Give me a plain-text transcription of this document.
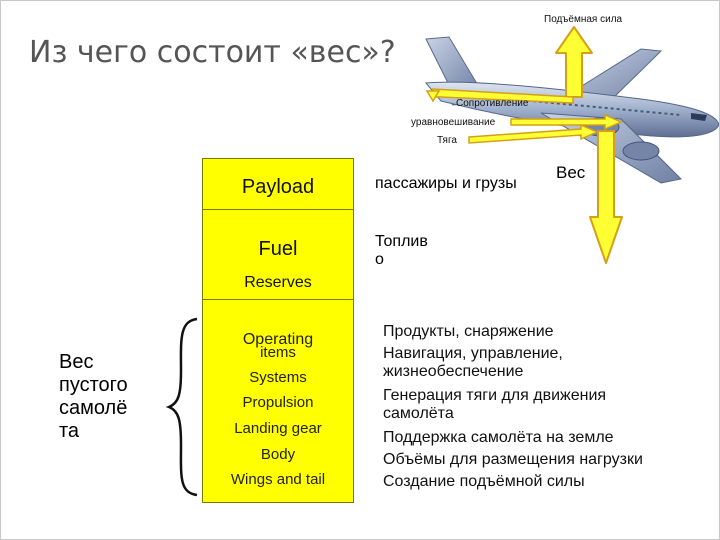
Из чего состоит «вес»?
Подъёмная сила
Сопротивление
уравновешивание
Тяга
Вес
Payload
Fuel
Reserves
Operating
items
Systems
Propulsion
Landing gear
Body
Wings and tail
Вес
пустого
самолё
та
пассажиры и грузы
Топлив
о
Продукты, снаряжение
Навигация, управление,
жизнеобеспечение
Генерация тяги для движения
самолёта
Поддержка самолёта на земле
Объёмы для размещения нагрузки
Создание подъёмной силы
